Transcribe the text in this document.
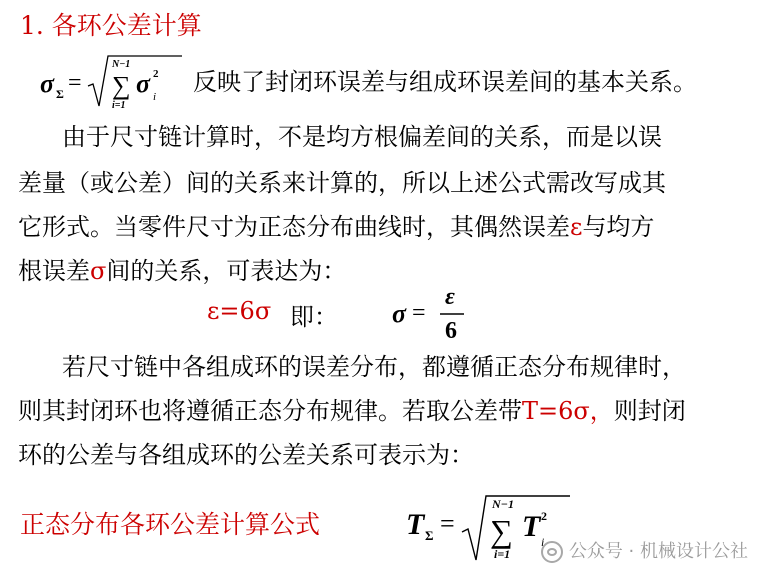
1. 各环公差计算
σ Σ =
N−1
∑
i=1
σ 2
i
反映了封闭环误差与组成环误差间的基本关系。
由于尺寸链计算时，不是均方根偏差间的关系，而是以误
差量（或公差）间的关系来计算的，所以上述公式需改写成其
它形式。当零件尺寸为正态分布曲线时，其偶然误差ε与均方
根误差σ间的关系，可表达为：
ε=6σ 即： σ =
ε
6
若尺寸链中各组成环的误差分布，都遵循正态分布规律时，
则其封闭环也将遵循正态分布规律。若取公差带T=6σ，则封闭
环的公差与各组成环的公差关系可表示为：
正态分布各环公差计算公式	T Σ =
N−1
∑
i=1
T 2
i	公众号 · 机械设计公社
